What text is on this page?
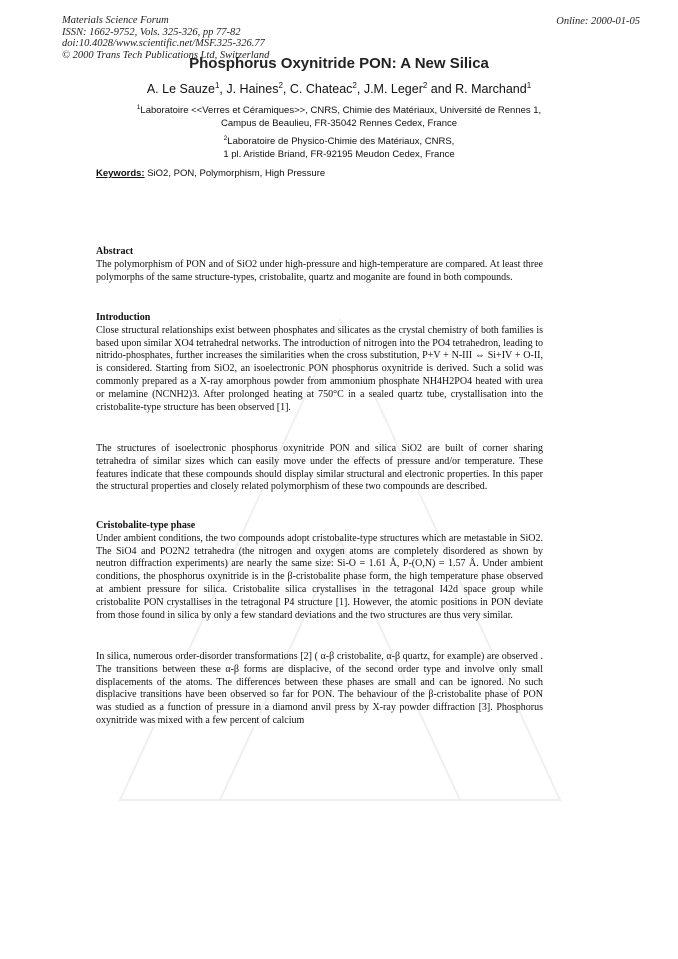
Materials Science Forum
ISSN: 1662-9752, Vols. 325-326, pp 77-82
doi:10.4028/www.scientific.net/MSF.325-326.77
© 2000 Trans Tech Publications Ltd, Switzerland
Online: 2000-01-05
Phosphorus Oxynitride PON: A New Silica
A. Le Sauze$^1$, J. Haines$^2$, C. Chateac$^2$, J.M. Leger$^2$ and R. Marchand$^1$
$^1$Laboratoire <<Verres et Céramiques>>, CNRS, Chimie des Matériaux, Université de Rennes 1,
Campus de Beaulieu, FR-35042 Rennes Cedex, France
$^2$Laboratoire de Physico-Chimie des Matériaux, CNRS,
1 pl. Aristide Briand, FR-92195 Meudon Cedex, France
Keywords: SiO2, PON, Polymorphism, High Pressure
Abstract

The polymorphism of PON and of SiO2 under high-pressure and high-temperature are compared. At least three polymorphs of the same structure-types, cristobalite, quartz and moganite are found in both compounds.

Introduction

Close structural relationships exist between phosphates and silicates as the crystal chemistry of both families is based upon similar XO4 tetrahedral networks. The introduction of nitrogen into the PO4 tetrahedron, leading to nitrido-phosphates, further increases the similarities when the cross substitution, P+V + N-III ⇔ Si+IV + O-II, is considered. Starting from SiO2, an isoelectronic PON phosphorus oxynitride is derived. Such a solid was commonly prepared as a X-ray amorphous powder from ammonium phosphate NH4H2PO4 heated with urea or melamine (NCNH2)3. After prolonged heating at 750°C in a sealed quartz tube, crystallisation into the cristobalite-type structure has been observed [1].

The structures of isoelectronic phosphorus oxynitride PON and silica SiO2 are built of corner sharing tetrahedra of similar sizes which can easily move under the effects of pressure and/or temperature. These features indicate that these compounds should display similar structural and electronic properties. In this paper the structural properties and closely related polymorphism of these two compounds are described.

Cristobalite-type phase

Under ambient conditions, the two compounds adopt cristobalite-type structures which are metastable in SiO2. The SiO4 and PO2N2 tetrahedra (the nitrogen and oxygen atoms are completely disordered as shown by neutron diffraction experiments) are nearly the same size: Si-O = 1.61 Å, P-(O,N) = 1.57 Å. Under ambient conditions, the phosphorus oxynitride is in the β-cristobalite phase form, the high temperature phase observed at ambient pressure for silica. Cristobalite silica crystallises in the tetragonal I42d space group while cristobalite PON crystallises in the tetragonal P4 structure [1]. However, the atomic positions in PON deviate from those found in silica by only a few standard deviations and the two structures are thus very similar.

In silica, numerous order-disorder transformations [2] ( α-β cristobalite, α-β quartz, for example) are observed . The transitions between these α-β forms are displacive, of the second order type and involve only small displacements of the atoms. The differences between these phases are small and can be ignored. No such displacive transitions have been observed so far for PON. The behaviour of the β-cristobalite phase of PON was studied as a function of pressure in a diamond anvil press by X-ray powder diffraction [3]. Phosphorus oxynitride was mixed with a few percent of calcium
